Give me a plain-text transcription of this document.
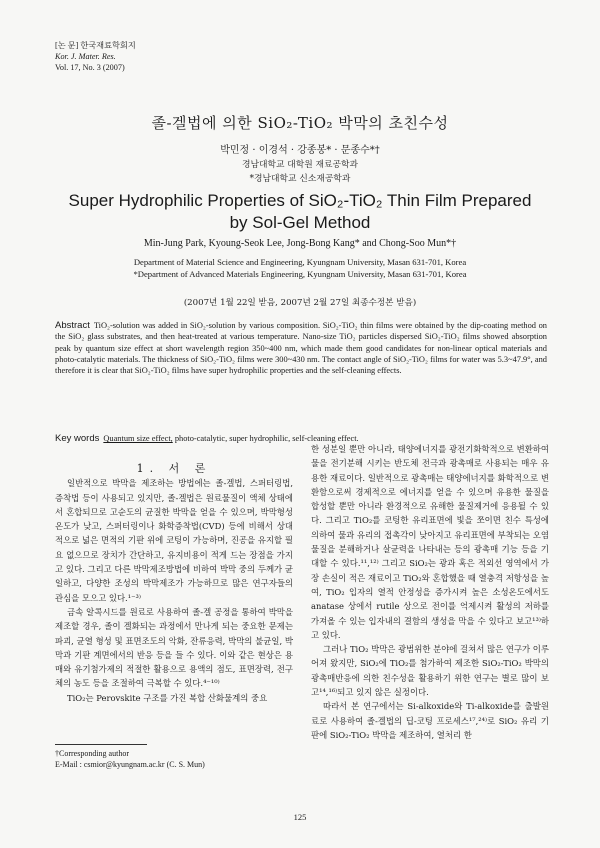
[논 문] 한국재료학회지
Kor. J. Mater. Res.
Vol. 17, No. 3 (2007)
졸-겔법에 의한 SiO₂-TiO₂ 박막의 초친수성
박민정 · 이경석 · 강종봉* · 문종수*†
경남대학교 대학원 재료공학과
*경남대학교 신소재공학과
Super Hydrophilic Properties of SiO₂-TiO₂ Thin Film Prepared by Sol-Gel Method
Min-Jung Park, Kyoung-Seok Lee, Jong-Bong Kang* and Chong-Soo Mun*†
Department of Material Science and Engineering, Kyungnam University, Masan 631-701, Korea
*Department of Advanced Materials Engineering, Kyungnam University, Masan 631-701, Korea
(2007년 1월 22일 받음, 2007년 2월 27일 최종수정본 받음)
Abstract TiO₂-solution was added in SiO₂-solution by various composition. SiO₂-TiO₂ thin films were obtained by the dip-coating method on the SiO₂ glass substrates, and then heat-treated at various temperature. Nano-size TiO₂ particles dispersed SiO₂-TiO₂ films showed absorption peak by quantum size effect at short wavelength region 350~400 nm, which made them good candidates for non-linear optical materials and photo-catalytic materials. The thickness of SiO₂-TiO₂ films were 300~430 nm. The contact angle of SiO₂-TiO₂ films for water was 5.3~47.9°, and therefore it is clear that SiO₂-TiO₂ films have super hydrophilic properties and the self-cleaning effects.
Key words Quantum size effect, photo-catalytic, super hydrophilic, self-cleaning effect.

1. 서 론

일반적으로 박막을 제조하는 방법에는 졸-겔법, 스퍼터링법, 증착법 등이 사용되고 있지만, 졸-겔법은 원료물질이 액체 상태에서 혼합되므로 고순도의 균질한 박막을 얻을 수 있으며, 박막형성온도가 낮고, 스퍼터링이나 화학증착법(CVD) 등에 비해서 상대적으로 넓은 면적의 기판 위에 코팅이 가능하며, 진공을 유지할 필요 없으므로 장치가 간단하고, 유지비용이 적게 드는 장점을 가지고 있다. 그리고 다른 박막제조방법에 비하여 박막 중의 두께가 균일하고, 다양한 조성의 박막제조가 가능하므로 많은 연구자들의 관심을 모으고 있다.¹⁻³⁾

금속 알콕시드를 원료로 사용하여 졸-겔 공정을 통하여 박막을 제조할 경우, 졸이 겔화되는 과정에서 만나게 되는 중요한 문제는 파괴, 균열 형성 및 표면조도의 악화, 잔류응력, 박막의 불균일, 박막과 기판 계면에서의 반응 등을 들 수 있다. 이와 같은 현상은 용매와 유기첨가제의 적절한 활용으로 용액의 점도, 표면장력, 전구체의 농도 등을 조절하여 극복할 수 있다.⁴⁻¹⁰⁾

TiO₂는 Perovskite 구조를 가진 복합 산화물계의 중요

한 성분일 뿐만 아니라, 태양에너지를 광전기화학적으로 변환하여 물을 전기분해 시키는 반도체 전극과 광촉매로 사용되는 매우 유용한 재료이다. 일반적으로 광촉매는 태양에너지를 화학적으로 변환함으로써 경제적으로 에너지를 얻을 수 있으며 유용한 물질을 합성할 뿐만 아니라 환경적으로 유해한 물질제거에 응용될 수 있다. 그리고 TiO₂를 코팅한 유리표면에 빛을 쪼이면 친수 특성에 의하여 물과 유리의 접촉각이 낮아지고 유리표면에 부착되는 오염물질을 분해하거나 살균력을 나타내는 등의 광촉매 기능 등을 기대할 수 있다.¹¹,¹²⁾ 그리고 SiO₂는 광과 혹은 적외선 영역에서 가장 손실이 적은 재료이고 TiO₂와 혼합했을 때 열충격 저항성을 높여, TiO₂ 입자의 열적 안정성을 증가시켜 높은 소성온도에서도 anatase 상에서 rutile 상으로 전이를 억제시켜 활성의 저하를 가져올 수 있는 입자내의 결함의 생성을 막을 수 있다고 보고¹³⁾하고 있다.

그러나 TiO₂ 박막은 광범위한 분야에 걸쳐서 많은 연구가 이루어져 왔지만, SiO₂에 TiO₂를 첨가하여 제조한 SiO₂-TiO₂ 박막의 광촉매반응에 의한 친수성을 활용하기 위한 연구는 별로 많이 보고¹⁴,¹⁶⁾되고 있지 않은 실정이다.

따라서 본 연구에서는 Si-alkoxide와 Ti-alkoxide를 출발원료로 사용하여 졸-겔법의 딥-코팅 프로세스¹⁷,²⁴⁾로 SiO₂ 유리 기판에 SiO₂-TiO₂ 박막을 제조하여, 열처리 한

†Corresponding author
E-Mail : csmior@kyungnam.ac.kr (C. S. Mun)
125
